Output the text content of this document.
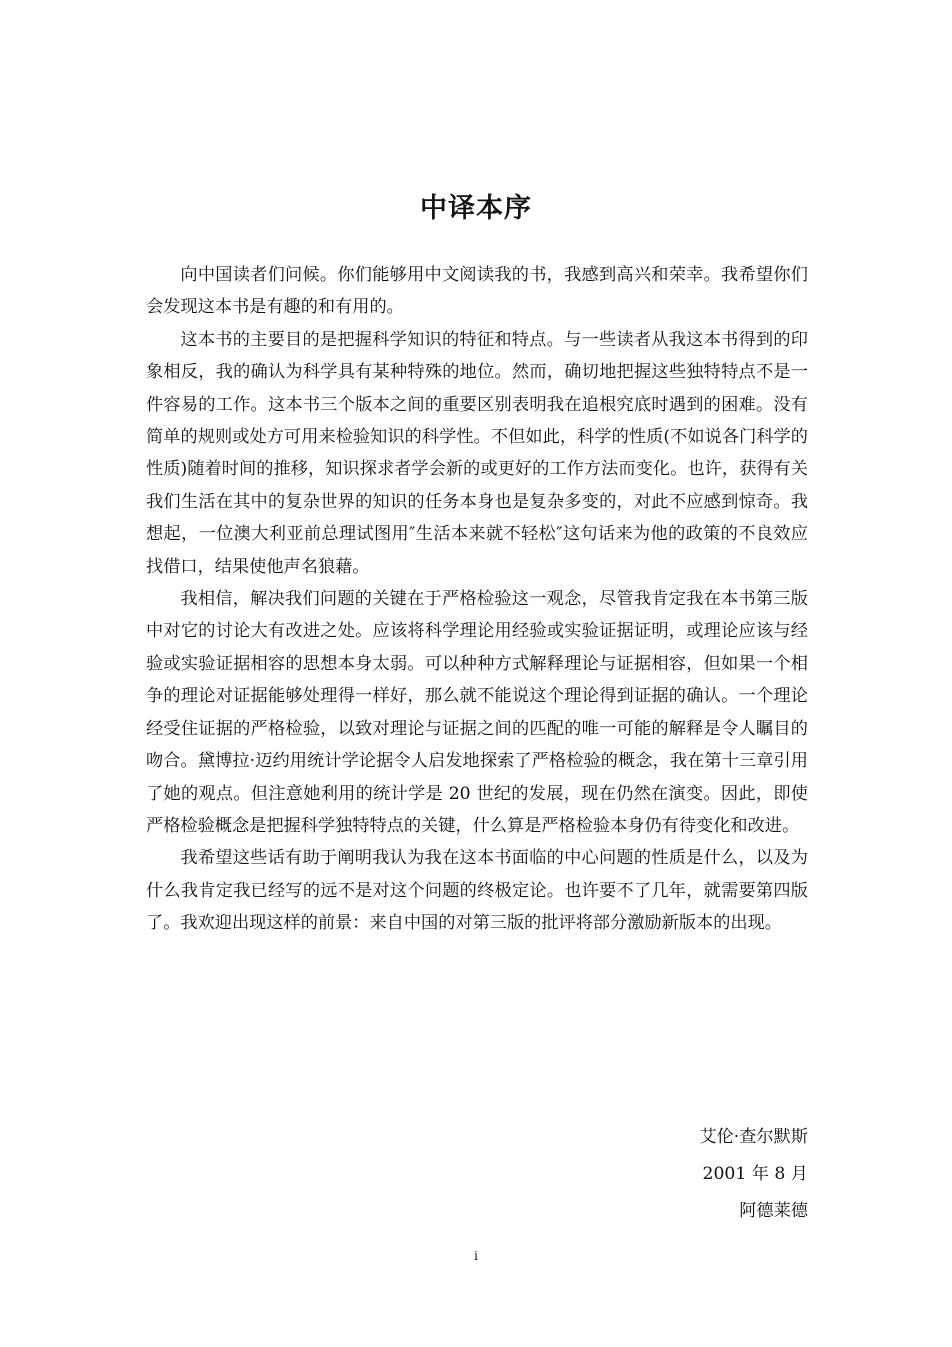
中译本序

向中国读者们问候。你们能够用中文阅读我的书，我感到高兴和荣幸。我希望你们会发现这本书是有趣的和有用的。

这本书的主要目的是把握科学知识的特征和特点。与一些读者从我这本书得到的印象相反，我的确认为科学具有某种特殊的地位。然而，确切地把握这些独特特点不是一件容易的工作。这本书三个版本之间的重要区别表明我在追根究底时遇到的困难。没有简单的规则或处方可用来检验知识的科学性。不但如此，科学的性质(不如说各门科学的性质)随着时间的推移，知识探求者学会新的或更好的工作方法而变化。也许，获得有关我们生活在其中的复杂世界的知识的任务本身也是复杂多变的，对此不应感到惊奇。我想起，一位澳大利亚前总理试图用″生活本来就不轻松″这句话来为他的政策的不良效应找借口，结果使他声名狼藉。

我相信，解决我们问题的关键在于严格检验这一观念，尽管我肯定我在本书第三版中对它的讨论大有改进之处。应该将科学理论用经验或实验证据证明，或理论应该与经验或实验证据相容的思想本身太弱。可以种种方式解释理论与证据相容，但如果一个相争的理论对证据能够处理得一样好，那么就不能说这个理论得到证据的确认。一个理论经受住证据的严格检验，以致对理论与证据之间的匹配的唯一可能的解释是令人瞩目的吻合。黛博拉·迈约用统计学论据令人启发地探索了严格检验的概念，我在第十三章引用了她的观点。但注意她利用的统计学是 20 世纪的发展，现在仍然在演变。因此，即使严格检验概念是把握科学独特特点的关键，什么算是严格检验本身仍有待变化和改进。

我希望这些话有助于阐明我认为我在这本书面临的中心问题的性质是什么，以及为什么我肯定我已经写的远不是对这个问题的终极定论。也许要不了几年，就需要第四版了。我欢迎出现这样的前景：来自中国的对第三版的批评将部分激励新版本的出现。

艾伦·查尔默斯

2001 年 8 月

阿德莱德

i
